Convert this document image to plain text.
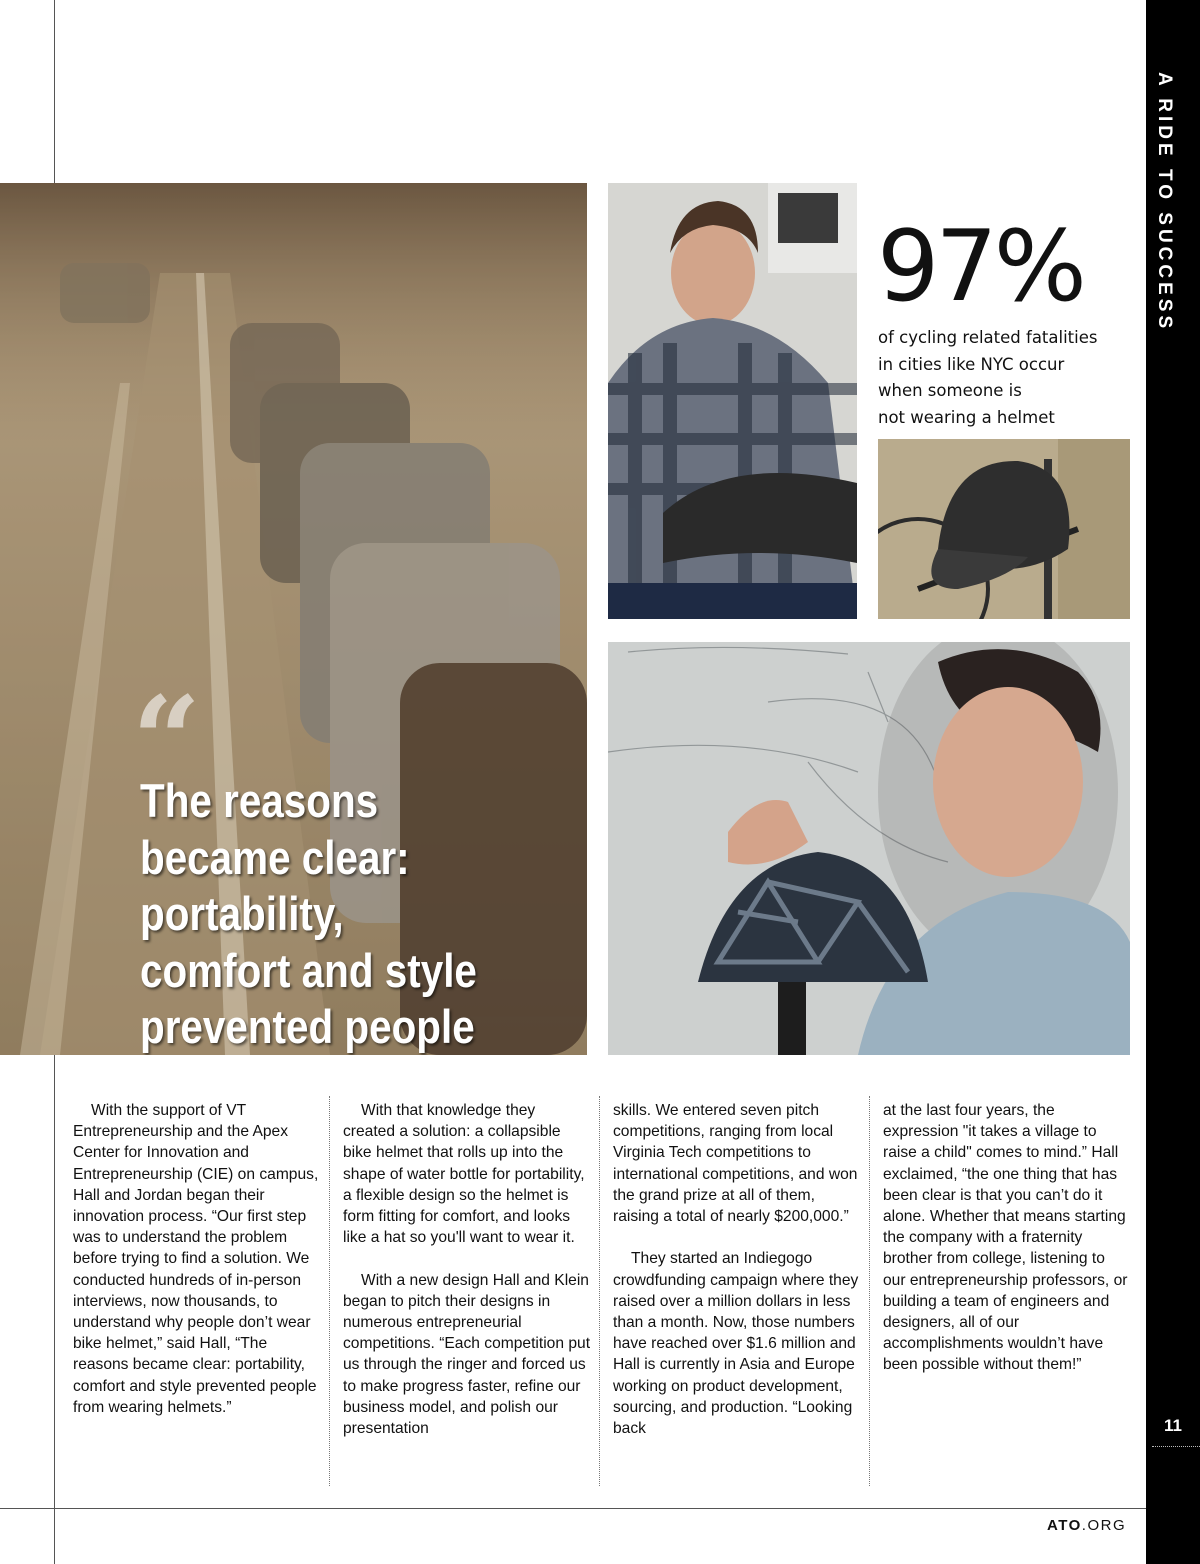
A RIDE TO SUCCESS
11
“
The reasons became clear: portability, comfort and style prevented people
97%
of cycling related fatalities
in cities like NYC occur
when someone is
not wearing a helmet

With the support of VT Entrepreneurship and the Apex Center for Innovation and Entrepreneurship (CIE) on campus, Hall and Jordan began their innovation process. “Our first step was to understand the problem before trying to find a solution. We conducted hundreds of in-person interviews, now thousands, to understand why people don’t wear bike helmet,” said Hall, “The reasons became clear: portability, comfort and style prevented people from wearing helmets.”

With that knowledge they created a solution: a collapsible bike helmet that rolls up into the shape of water bottle for portability, a flexible design so the helmet is form fitting for comfort, and looks like a hat so you'll want to wear it.

With a new design Hall and Klein began to pitch their designs in numerous entrepreneurial competitions. “Each competition put us through the ringer and forced us to make progress faster, refine our business model, and polish our presentation

skills. We entered seven pitch competitions, ranging from local Virginia Tech competitions to international competitions, and won the grand prize at all of them, raising a total of nearly $200,000.”

They started an Indiegogo crowdfunding campaign where they raised over a million dollars in less than a month. Now, those numbers have reached over $1.6 million and Hall is currently in Asia and Europe working on product development, sourcing, and production. “Looking back

at the last four years, the expression "it takes a village to raise a child" comes to mind.” Hall exclaimed, “the one thing that has been clear is that you can’t do it alone. Whether that means starting the company with a fraternity brother from college, listening to our entrepreneurship professors, or building a team of engineers and designers, all of our accomplishments wouldn’t have been possible without them!”

ATO.ORG
